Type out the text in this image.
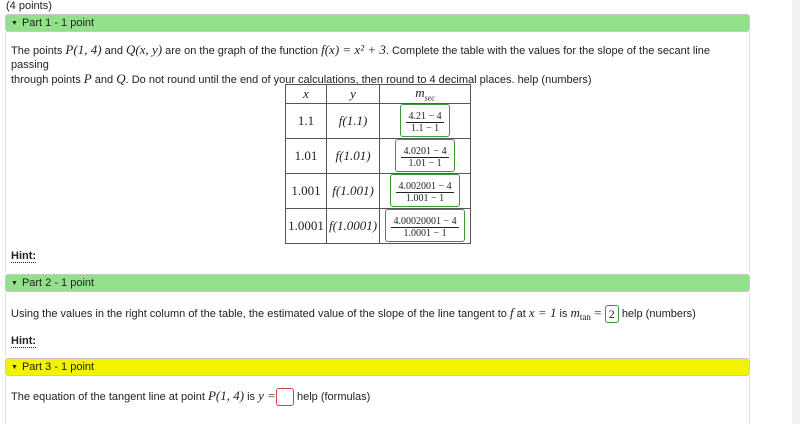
(4 points)
▼ Part 1 - 1 point
The points P(1, 4) and Q(x, y) are on the graph of the function f(x) = x² + 3. Complete the table with the values for the slope of the secant line passing
through points P and Q. Do not round until the end of your calculations, then round to 4 decimal places. help (numbers)
x	y	$m_{sec}$
1.1	f(1.1)	$\frac{4.21 - 4}{1.1 - 1}$

1.01	f(1.01)	$\frac{4.0201 - 4}{1.01 - 1}$

1.001	f(1.001)	$\frac{4.002001 - 4}{1.001 - 1}$

1.0001	f(1.0001)	$\frac{4.00020001 - 4}{1.0001 - 1}$
Hint:
▼ Part 2 - 1 point
Using the values in the right column of the table, the estimated value of the slope of the line tangent to f at x = 1 is $m_{tan} = 2$ help (numbers)
Hint:
▼ Part 3 - 1 point
The equation of the tangent line at point P(1, 4) is y = help (formulas)
